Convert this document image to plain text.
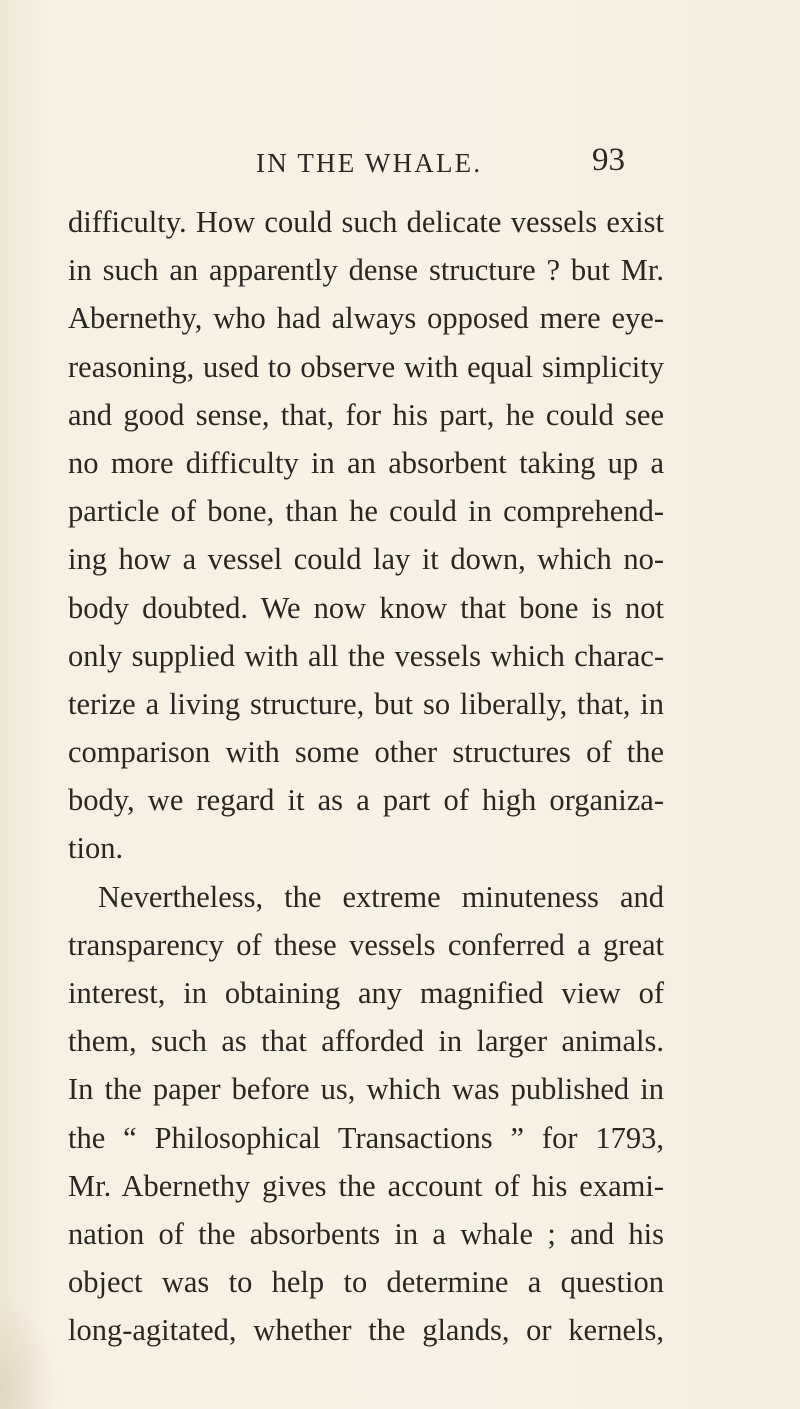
IN THE WHALE.	93
difficulty. How could such delicate vessels exist
in such an apparently dense structure ? but Mr.
Abernethy, who had always opposed mere eye-
reasoning, used to observe with equal simplicity
and good sense, that, for his part, he could see
no more difficulty in an absorbent taking up a
particle of bone, than he could in comprehend-
ing how a vessel could lay it down, which no-
body doubted. We now know that bone is not
only supplied with all the vessels which charac-
terize a living structure, but so liberally, that, in
comparison with some other structures of the
body, we regard it as a part of high organiza-
tion.
Nevertheless, the extreme minuteness and
transparency of these vessels conferred a great
interest, in obtaining any magnified view of
them, such as that afforded in larger animals.
In the paper before us, which was published in
the “ Philosophical Transactions ” for 1793,
Mr. Abernethy gives the account of his exami-
nation of the absorbents in a whale ; and his
object was to help to determine a question
long-agitated, whether the glands, or kernels,
